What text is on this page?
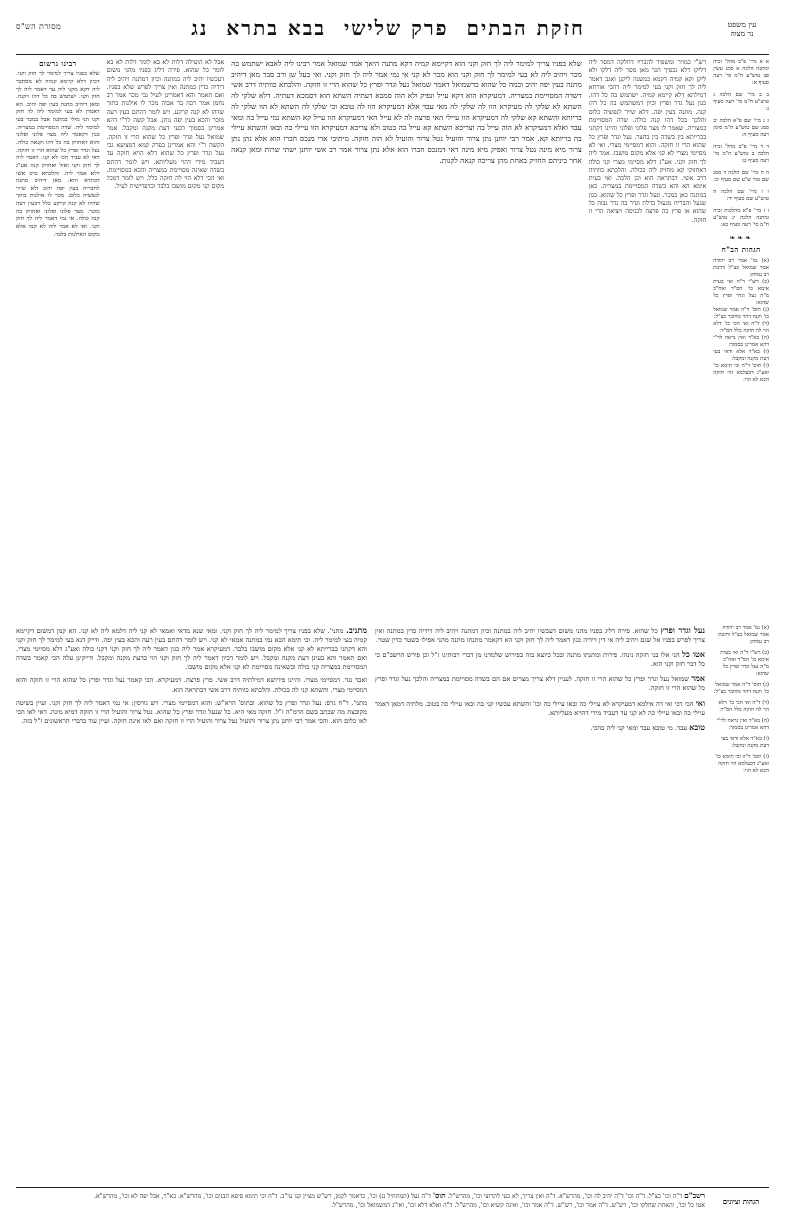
מסורת הש"ס	חזקת הבתיםפרק שלישיבבא בתראנג	עין משפט
נר מצוה
א א מיי' פ"ב מהל' זכיה ומתנה הלכה א סמג עשין פב טוש"ע ח"מ סי' רעה סעיף א:
ב ב מיי' שם הלכה ג טוש"ע ח"מ סי' רעה סעיף ג:
ג ג מיי' שם פ"א הלכה יב סמג שם טוש"ע ח"מ סימן רעה סעיף ה:
ד ד מיי' פ"ב מהל' זכיה הלכה ב טוש"ע ח"מ סי' רעה סעיף ט:
ה ה מיי' שם הלכה ד סמג שם טור ש"ע שם סעיף יב:
ו ו מיי' שם הלכה ה טוש"ע שם סעיף יד:
ז ז מיי' פ"א מהלכות זכיה ומתנה הלכה יג טוש"ע ח"מ סי' רעה סעיף כא:
❧❧❧
הגהות הב"ח
(א) גמ' אמר רב יהודה אמר שמואל כצ"ל ותיבת רב נמחק:
(ב) רש"י ד"ה ואי בעית אימא כו' הס"ד ואח"כ מ"ה נעל וגדר ופרץ כל שהוא:
(ג) תוס' ד"ה אמר שמואל כו' וקנה דהוי מחובר כצ"ל:
(ד) ד"ה ואי הכי כו' דלא הוי לה חזקה כלל הס"ד:
(ה) בא"ד ואין נראה לר"י דהא אמרינן בסמוך:
(ו) בא"ד אלא ודאי בעי דעת מקנה ומקבל:
(ז) תוס' ד"ה וכי תימא כו' ואע"ג דבעלמא הוי חזקה הכא לא הוי:
רש"י כמויר ומשפיר להבריו דחלקה דמסר ליה דליקו דלא נכסיך הגר מאן מסר ליה דלקו ולא ליקן וקא קמיה דקמא במשנה ליקנן ואגב דאמר ליה לך חזק וקני בעי למימר ליה דהכי אורחא דמילתא דלא קיימא קמיה. ישתמש בה כל דהו. כגון נעל גדר ופרץ וכיון דמשתמש בה כל דהו קנה. מתנה בעין יפה. דלא שייר לנפשיה כלום והלכך בכל דהו קנה כולה. שדה המסויימת במצריה. שאמר לו מצר פלוני ופלוני והיינו דקתני בברייתא בין בשדה בין בחצר. נעל וגדר ופרץ כל שהוא הרי זו חזקה. והוא דמסיימי מצרי. ואי לא מסיימי מצרי לא קני אלא מקום מושבו. אמר ליה לך חזק וקני. אע"ג דלא מסיימי מצרי קני כולה דאחזוקי קא מחזיק ליה בכולה. והלכתא כוותיה דרב אשי. דבתראה הוא וכן הלכה. ואי בעית אימא הא והא בשדה המסויימת במצריה. כאן במתנה כאן במכר. ונעל וגדר ופרץ כל שהוא. כגון שנעל והבריח מנעול בדלת וגדר בה גדר גבוה כל שהוא או פרץ בה פרצה לכניסה ויציאה הרי זו חזקה.
שלא בפניו צריך למימר ליה לך חזק וקני הוא דקיימא קמיה דקא מתנה היאך אמר שמואל אמר רבינו ליה לאבא ישתמש בה מכר ויהיב ליה לא בעי למימר לך חזק וקני הוא מכר לא קני אי נמי אמר ליה לך חזק וקני. ואי בעל שן ורב סבר מאן דיהיב מתנה בעין יפה יהיב וכמה כל שהוא כדשמואל דאמר שמואל נעל וגדר ופרץ כל שהוא הרי זו חזקה. והלכתא כוותיה דרב אשי דשדה המסויימת במצריה. דמעיקרא הוא דקא עייל ונפיק ולא הוה סמכא דעתיה השתא הוא דסמכא דעתיה. דלא שלקי לה השתא לא שלקי לה מעיקרא הוו לה שלקי לה מאי עבד אלא דמעיקרא הוו לה טובא וכי שלקי לה השתא לא הוו שלקי לה בריותא והשתא קא שלקי לה דמעיקרא הוו עיילי האי פרצה לה לא עייל האי דמעיקרא הוו עייל קא השתא נמי עייל בה ומאי עבד ואלא דמעיקרא לא הוה עייל בה וצריכא השתא קא עייל בה בטוב ולא צריכא דמעיקרא הוו עיילי בה ובאו והשתא עיילי בה בריותא קא. אמר רבי יוחנן נתן צרור והועיל נטל צרור והועיל לא הוה חזקה. מיתיבי ארי מנכס חברו הוא אלא נתן נתן צרור מיא מינה נטל צרור ואפיק מיא מינה דאי דמנכס חברו הוא אלא נתן צרור אמר רב אשי יוחנן ישתי שרות ומאן קנאה אחר ביניהם החזיק באחת מהן צריכה קנאה לקנות.
אבל לא הועילה דלות לא בא לומר דלות לא בא לומר כל שהוא. פירה דליג בפניו מהני משום דעכשיו יהיב ליה במתנה וכיון דמתנה ויהיב ליה דידיה כדין במתנה ואין צריך לפרש שלא בפניו. ואם תאמר והא דאמרינן לעיל גבי מכר אמר רב נחמן אמר רבה בר אבוה מכר לו אילנות בתוך שדהו לא קנה קרקע. ויש לומר דהתם בעין רעה מוכר והכא בעין יפה נותן. אבל קשה לר"י דהא אמרינן בסמוך דבעי דעת מקנה ומקבל. אמר שמואל נעל וגדר ופרץ כל שהוא הרי זו חזקה. הקשה ר"י והא אמרינן בפרק קמא דמציעא גבי נעל וגדר ופרץ כל שהוא דלא הויא חזקה עד דעביד מידי דהוי מעליותא. ויש לומר דהתם בשדה שאינה מסויימת במצריה והכא במסויימת. ואי הכי דלא הוי לה חזקה כלל. ויש לומר דמכל מקום קני מקום מושבו בלבד וכדפרישית לעיל.
רבינו גרשום
שלא בפניו צריך למימר לך חזק וקני. דכיון דלא קיימא קמיה לא מסתבר ליה דקא מקני ליה עד דאמר ליה לך חזק וקני. ישתמש בה כל דהו ויקנה. ומאן דיהיב מתנה בעין יפה יהיב. הא דאמרן לא בעי למימר ליה לך חזק וקני הני מילי במתנה אבל במכר בעי למימר ליה. שדה המסויימת במצריה. כגון דקאמר ליה מצר פלוני ופלוני והוא דאחזיק בה כל דהו וקנאה כולה. נעל וגדר ופרץ כל שהוא הרי זו חזקה. דאי לא עביד הכי לא קני. דאמר ליה לך חזק וקני ואזל ואחזיק קנה אע"ג דלא אמר ליה. והלכתא כרב אשי דבתרא הוא. מאן דיהיב מתנה לחבריה בעין יפה יהיב ולא שייר לנפשיה כלום. מכר לו אילנות בתוך שדהו לא קנה קרקע כלל דבעין רעה מוכר. מצר פלוני ופלוני ואחזיק בה קנה כולה. אי נמי דאמר ליה לך חזק וקני. ואי לא אמר ליה לא קנה אלא מקום האילנות בלבד.
(א) גמ' אמר רב יהודה אמר שמואל כצ"ל ותיבת רב נמחק:
(ב) רש"י ד"ה ואי בעית אימא כו' הס"ד ואח"כ מ"ה נעל וגדר ופרץ כל שהוא:
(ג) תוס' ד"ה אמר שמואל כו' וקנה דהוי מחובר כצ"ל:
(ד) ד"ה ואי הכי כו' דלא הוי לה חזקה כלל הס"ד:
(ה) בא"ד ואין נראה לר"י דהא אמרינן בסמוך:
(ו) בא"ד אלא ודאי בעי דעת מקנה ומקבל:
(ז) תוס' ד"ה וכי תימא כו' ואע"ג דבעלמא הוי חזקה הכא לא הוי:

נעל וגדר ופרץ כל שהוא. פירה דליג בפניו מהני משום דעכשיו יהיב ליה במתנה וכיון דמתנה ויהיב ליה דידיה כדין במתנה ואין צריך לפרש בפניו אל שגם ויהיב ליה אי דין דידיה כגון דאמר ליה לך חזק וקני הא דקאמר מתנתו מתנה מהני אפילו בשטר כדין שטר.

אטו כל הני אלו בני חזקה נינהו. פירות ומתנתו מתנה ובכל כיוצא בזה בפירוש שלמדנו מן דברי רבותינו ז"ל וכן פירש הרשב"ם כי כל דבר חזק וקני הוא.

אמר שמואל נעל וגדר ופרץ כל שהוא הרי זו חזקה. לעניין דלא צריך מצרים אם הם בשדה מסויימת במצריה והלכך נעל וגדר ופרץ כל שהוא הרי זו חזקה.

ואי הכי דכי ואי דה אילמא דמעיקרא לא עיילי כה ובאו עיילי כה וכו' והשתא עכשיו קני בה ובאו עיילי כה בטוב. מלתיה דמאן דאמר עיילי כה ובאו עיילי כה לא קני עד דעביד מידי דהויא מעליותא.

טובא עבד. מי טובא עבד ומאי קני ליה בהכי.

מתניב. מתני'. שלא בפניו צריך למימר ליה לך חזק וקני. ומאי שנא מדאי ואמאי לא קני ליה דלמא ליה לא קני. הא קמן דמשום דקיימא קמיה בעי למימר ליה. וכי תימא הכא נמי במתנה אמאי לא קני. ויש לומר דהתם בעין רעה והכא בעין יפה. ודייק דנא בעי למימר לך חזק וקני והא דקתני בברייתא לא קני אלא מקום מושבו בלבד. דמעיקרא אמר ליה כגון דאמר ליה לך חזק וקני דקני כולה ואע"ג דלא מסיימי מצרי. ואם תאמר והא בעינן דעת מקנה ומקבל. ויש לומר דכיון דאמר ליה לך חזק וקני הוי כדעת מקנה ומקבל. ודייקינן עלה הכי קאמר בשדה המסויימת במצריה קני כולה ובשאינה מסויימת לא קני אלא מקום מושבו.

ואבד נגד. דמסיימי מצרי. והיינו פירושא דמילתיה דרב אשי. פרץ פרצה. דמעיקרא. הכי קאמר נעל וגדר ופרץ כל שהוא הרי זו חזקה והוא דמסיימי מצרי. והשתא קני לה בכולה. והלכתא כוותיה דרב אשי דבתראה הוא.

מתני'. ר"ח גרס: נעל וגדר ופרץ כל שהוא. ובתוס' הרא"ש: והוא דמסיימי מצרי. ויש גורסין: אי נמי דאמר ליה לך חזק וקני. ועיין בשיטה מקובצת מה שכתב בשם הרמ"ה ז"ל. חזקה מאי היא. כל שנעל וגדר ופרץ כל שהוא. נטל צרור והועיל הרי זו חזקה דמיא מינה. דאי לאו הכי לאו כלום הוא. והכי אמר רבי יוחנן נתן צרור והועיל נטל צרור והועיל הרי זו חזקה ואם לאו אינה חזקה. ועיין עוד בדברי הראשונים ז"ל בזה.

הגהות וציונים
רשב"ם ד"ה וכו' כצ"ל. ד"ה וכו' ד"ה יהיב לה וכו', מהרש"א. ד"ה ואין צריך, לא בעי לתרוצי וכו', מהרש"ל. תוס' ד"ה נעל (המתחיל נג) וכו', כדאמר לקמן, רש"ש מציין קנו עי"ב. ד"ה וכי תימא סיפא הבנים וכו', מהרש"א. בא"ר, אבל יפה לא וכו', מהרש"א.
אטו כל וכו', והאחת שחלקו וכו', רש"ש. ד"ה אמר וכו', רש"ש. ד"ה אמר וכו', ואינה קשיא וכו', מהרש"ל. ד"ה ואלא דלא וכו', ואי"ג דמשמואל וכו', מהרש"ל.
